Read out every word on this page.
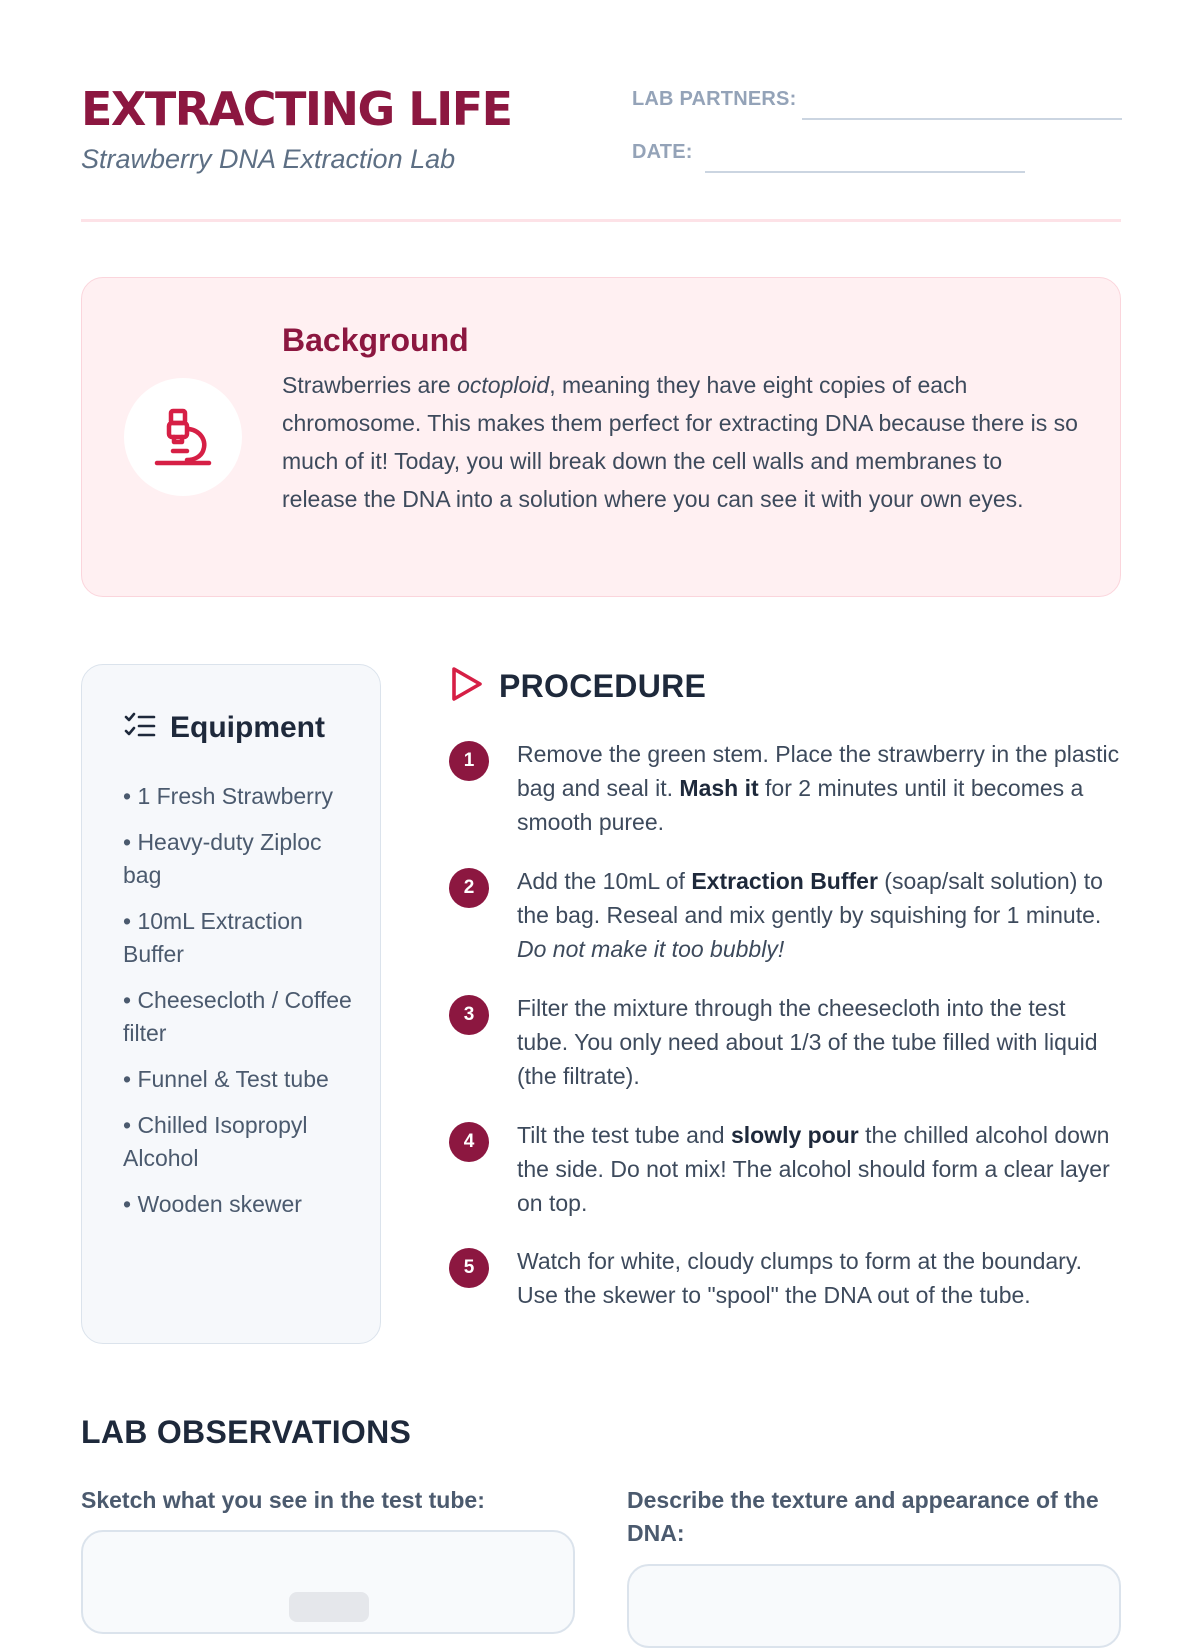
EXTRACTING LIFE
Strawberry DNA Extraction Lab
LAB PARTNERS:
DATE:
Background

Strawberries are octoploid, meaning they have eight copies of each chromosome. This makes them perfect for extracting DNA because there is so much of it! Today, you will break down the cell walls and membranes to release the DNA into a solution where you can see it with your own eyes.

Equipment
• 1 Fresh Strawberry
• Heavy-duty Ziploc bag
• 10mL Extraction Buffer
• Cheesecloth / Coffee filter
• Funnel & Test tube
• Chilled Isopropyl Alcohol
• Wooden skewer
PROCEDURE
1	Remove the green stem. Place the strawberry in the plastic bag and seal it. Mash it for 2 minutes until it becomes a smooth puree.
2	Add the 10mL of Extraction Buffer (soap/salt solution) to the bag. Reseal and mix gently by squishing for 1 minute. Do not make it too bubbly!
3	Filter the mixture through the cheesecloth into the test tube. You only need about 1/3 of the tube filled with liquid (the filtrate).
4	Tilt the test tube and slowly pour the chilled alcohol down the side. Do not mix! The alcohol should form a clear layer on top.
5	Watch for white, cloudy clumps to form at the boundary. Use the skewer to "spool" the DNA out of the tube.
LAB OBSERVATIONS
Sketch what you see in the test tube:	Describe the texture and appearance of the DNA:
